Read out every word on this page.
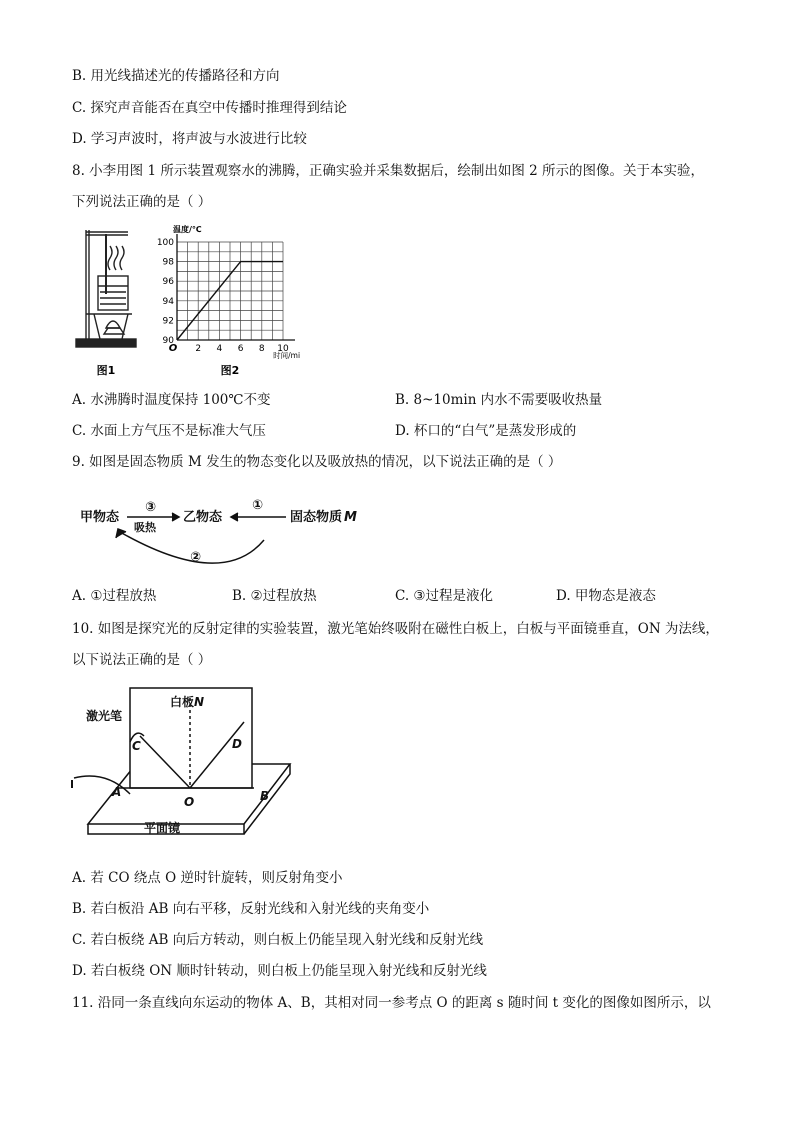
B. 用光线描述光的传播路径和方向
C. 探究声音能否在真空中传播时推理得到结论
D. 学习声波时，将声波与水波进行比较
8. 小李用图 1 所示装置观察水的沸腾，正确实验并采集数据后，绘制出如图 2 所示的图像。关于本实验，
下列说法正确的是（ ）
图1
100
98
96
94
92
90
2 4 6 8 10
O
温度/℃
时间/mi
图2
A. 水沸腾时温度保持 100℃不变	B. 8~10min 内水不需要吸收热量
C. 水面上方气压不是标准大气压	D. 杯口的“白气”是蒸发形成的
9. 如图是固态物质 M 发生的物态变化以及吸放热的情况，以下说法正确的是（ ）
甲物态	乙物态	固态物质 M
吸热
③	①
②
A. ①过程放热	B. ②过程放热	C. ③过程是液化	D. 甲物态是液态
10. 如图是探究光的反射定律的实验装置，激光笔始终吸附在磁性白板上，白板与平面镜垂直，ON 为法线，
以下说法正确的是（ ）
白板
激光笔
平面镜
N
C	D
A	B
O
A. 若 CO 绕点 O 逆时针旋转，则反射角变小
B. 若白板沿 AB 向右平移，反射光线和入射光线的夹角变小
C. 若白板绕 AB 向后方转动，则白板上仍能呈现入射光线和反射光线
D. 若白板绕 ON 顺时针转动，则白板上仍能呈现入射光线和反射光线
11. 沿同一条直线向东运动的物体 A、B，其相对同一参考点 O 的距离 s 随时间 t 变化的图像如图所示，以
